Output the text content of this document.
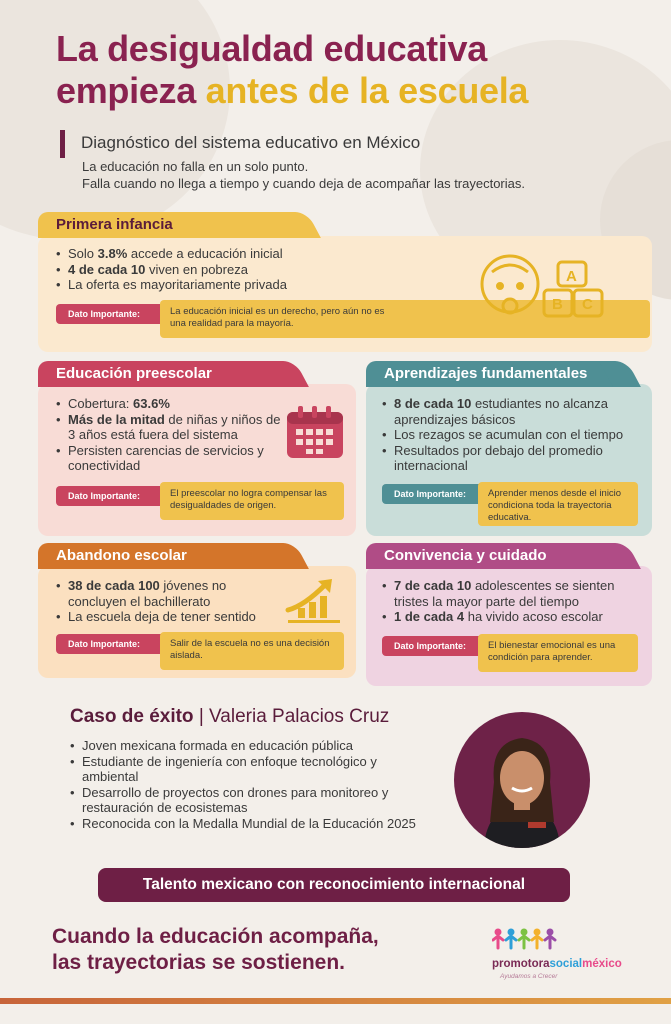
La desigualdad educativa
empieza antes de la escuela
Diagnóstico del sistema educativo en México
La educación no falla en un solo punto.
Falla cuando no llega a tiempo y cuando deja de acompañar las trayectorias.
Primera infancia
• Solo 3.8% accede a educación inicial
• 4 de cada 10 viven en pobreza
• La oferta es mayoritariamente privada
Dato Importante:	La educación inicial es un derecho, pero aún no es una realidad para la mayoría.
A
B C
Educación preescolar
• Cobertura: 63.6%
• Más de la mitad de niñas y niños de 3 años está fuera del sistema
• Persisten carencias de servicios y conectividad
Dato Importante:	El preescolar no logra compensar las desigualdades de origen.
Aprendizajes fundamentales
• 8 de cada 10 estudiantes no alcanza aprendizajes básicos
• Los rezagos se acumulan con el tiempo
• Resultados por debajo del promedio internacional
Dato Importante:	Aprender menos desde el inicio condiciona toda la trayectoria educativa.
Abandono escolar
• 38 de cada 100 jóvenes no concluyen el bachillerato
• La escuela deja de tener sentido
Dato Importante:	Salir de la escuela no es una decisión aislada.
Convivencia y cuidado
• 7 de cada 10 adolescentes se sienten tristes la mayor parte del tiempo
• 1 de cada 4 ha vivido acoso escolar
Dato Importante:	El bienestar emocional es una condición para aprender.
Caso de éxito | Valeria Palacios Cruz
• Joven mexicana formada en educación pública
• Estudiante de ingeniería con enfoque tecnológico y ambiental
• Desarrollo de proyectos con drones para monitoreo y restauración de ecosistemas
• Reconocida con la Medalla Mundial de la Educación 2025
Talento mexicano con reconocimiento internacional
Cuando la educación acompaña,
las trayectorias se sostienen.	promotorasocialméxico
Ayudamos a Crecer
